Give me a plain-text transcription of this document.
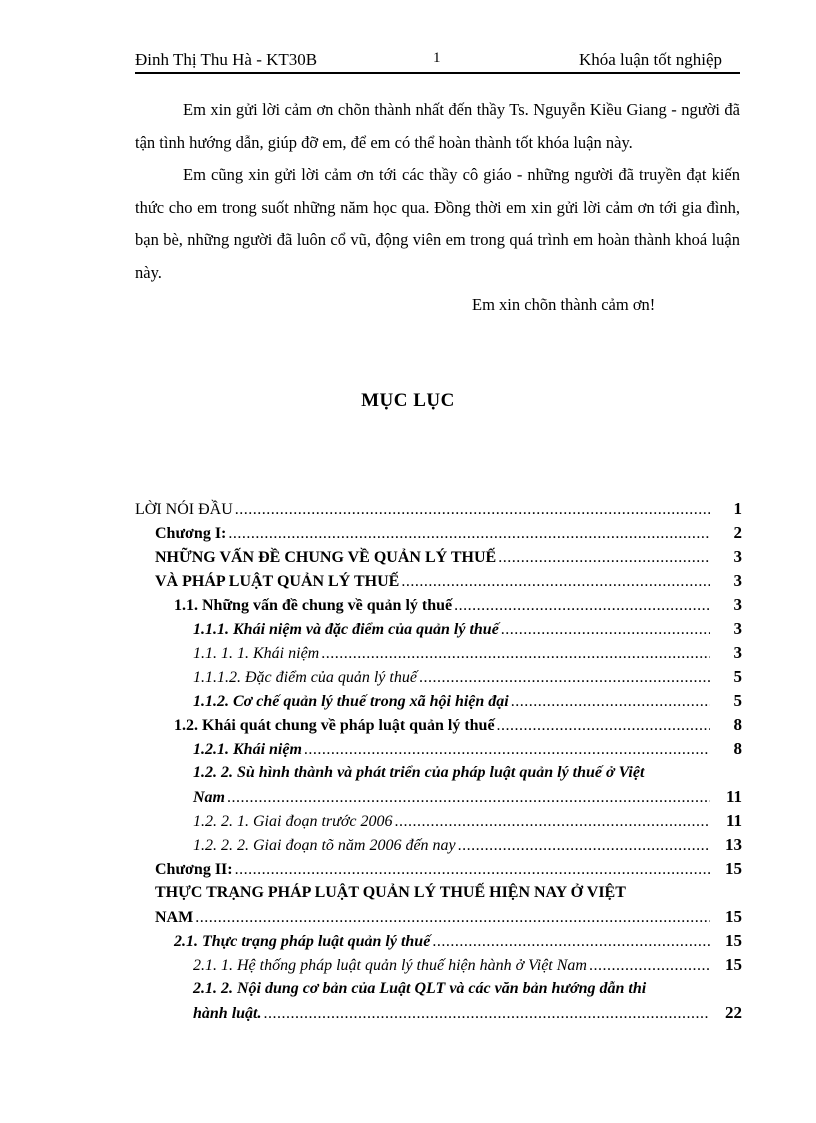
Đinh Thị Thu Hà - KT30B	1	Khóa luận tốt nghiệp

Em xin gửi lời cảm ơn chõn thành nhất đến thầy Ts. Nguyễn Kiều Giang - người đã tận tình hướng dẫn, giúp đỡ em, để em có thể hoàn thành tốt khóa luận này.

Em cũng xin gửi lời cảm ơn tới các thầy cô giáo - những người đã truyền đạt kiến thức cho em trong suốt những năm học qua. Đồng thời em xin gửi lời cảm ơn tới gia đình, bạn bè, những người đã luôn cổ vũ, động viên em trong quá trình em hoàn thành khoá luận này.

Em xin chõn thành cảm ơn!

MỤC LỤC
LỜI NÓI ĐẦU .....	1
Chương I: .....	2
NHỮNG VẤN ĐỀ CHUNG VỀ QUẢN LÝ THUẾ .....	3
VÀ PHÁP LUẬT QUẢN LÝ THUẾ .....	3
1.1. Những vấn đề chung về quản lý thuế .....	3
1.1.1. Khái niệm và đặc điểm của quản lý thuế .....	3
1.1. 1. 1. Khái niệm .....	3
1.1.1.2. Đặc điểm của quản lý thuế .....	5
1.1.2. Cơ chế quản lý thuế trong xã hội hiện đại .....	5
1.2. Khái quát chung về pháp luật quản lý thuế .....	8
1.2.1. Khái niệm .....	8
1.2. 2. Sù hình thành và phát triển của pháp luật quản lý thuế ở Việt
Nam .....	11
1.2. 2. 1. Giai đoạn trước 2006 .....	11
1.2. 2. 2. Giai đoạn tõ năm 2006 đến nay .....	13
Chương II: .....	15
THỰC TRẠNG PHÁP LUẬT QUẢN LÝ THUẾ HIỆN NAY Ở VIỆT
NAM .....	15
2.1. Thực trạng pháp luật quản lý thuế .....	15
2.1. 1. Hệ thống pháp luật quản lý thuế hiện hành ở Việt Nam .....	15
2.1. 2. Nội dung cơ bản của Luật QLT và các văn bản hướng dẫn thi
hành luật. .....	22
